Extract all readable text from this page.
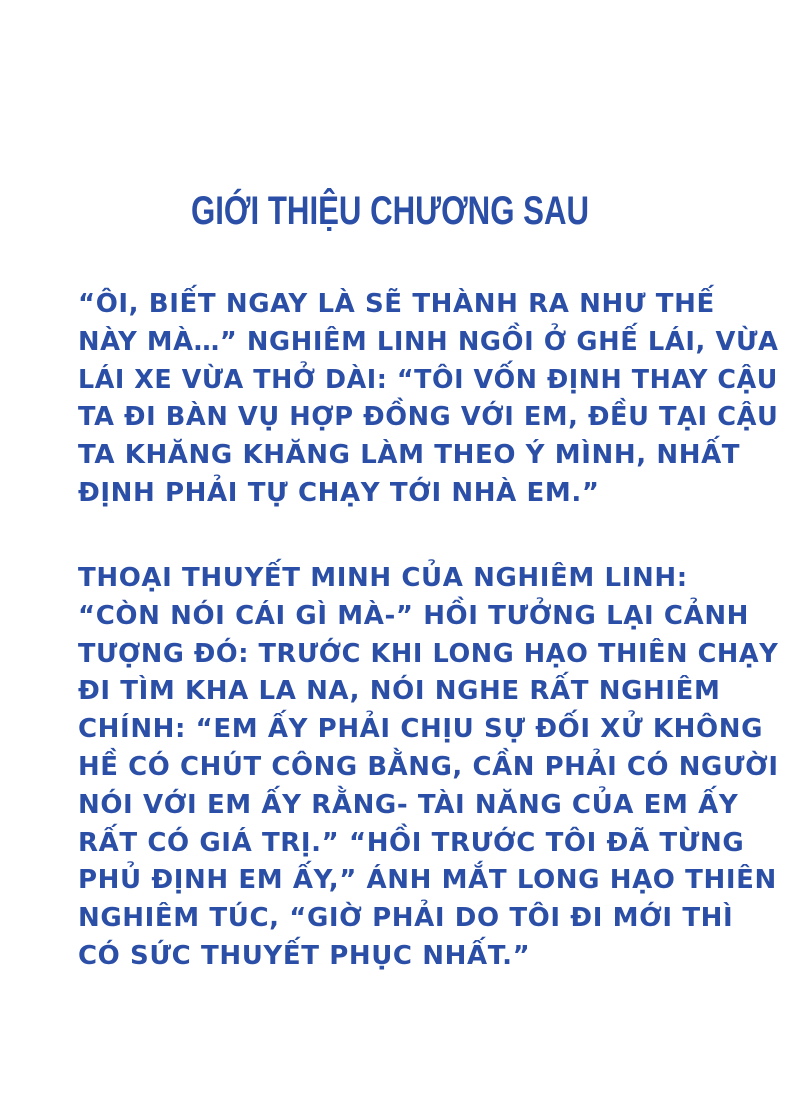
GIỚI THIỆU CHƯƠNG SAU
“ÔI, BIẾT NGAY LÀ SẼ THÀNH RA NHƯ THẾ
NÀY MÀ…” NGHIÊM LINH NGỒI Ở GHẾ LÁI, VỪA
LÁI XE VỪA THỞ DÀI: “TÔI VỐN ĐỊNH THAY CẬU
TA ĐI BÀN VỤ HỢP ĐỒNG VỚI EM, ĐỀU TẠI CẬU
TA KHĂNG KHĂNG LÀM THEO Ý MÌNH, NHẤT
ĐỊNH PHẢI TỰ CHẠY TỚI NHÀ EM.”
THOẠI THUYẾT MINH CỦA NGHIÊM LINH:
“CÒN NÓI CÁI GÌ MÀ-” HỒI TƯỞNG LẠI CẢNH
TƯỢNG ĐÓ: TRƯỚC KHI LONG HẠO THIÊN CHẠY
ĐI TÌM KHA LA NA, NÓI NGHE RẤT NGHIÊM
CHÍNH: “EM ẤY PHẢI CHỊU SỰ ĐỐI XỬ KHÔNG
HỀ CÓ CHÚT CÔNG BẰNG, CẦN PHẢI CÓ NGƯỜI
NÓI VỚI EM ẤY RẰNG- TÀI NĂNG CỦA EM ẤY
RẤT CÓ GIÁ TRỊ.” “HỒI TRƯỚC TÔI ĐÃ TỪNG
PHỦ ĐỊNH EM ẤY,” ÁNH MẮT LONG HẠO THIÊN
NGHIÊM TÚC, “GIỜ PHẢI DO TÔI ĐI MỚI THÌ
CÓ SỨC THUYẾT PHỤC NHẤT.”
